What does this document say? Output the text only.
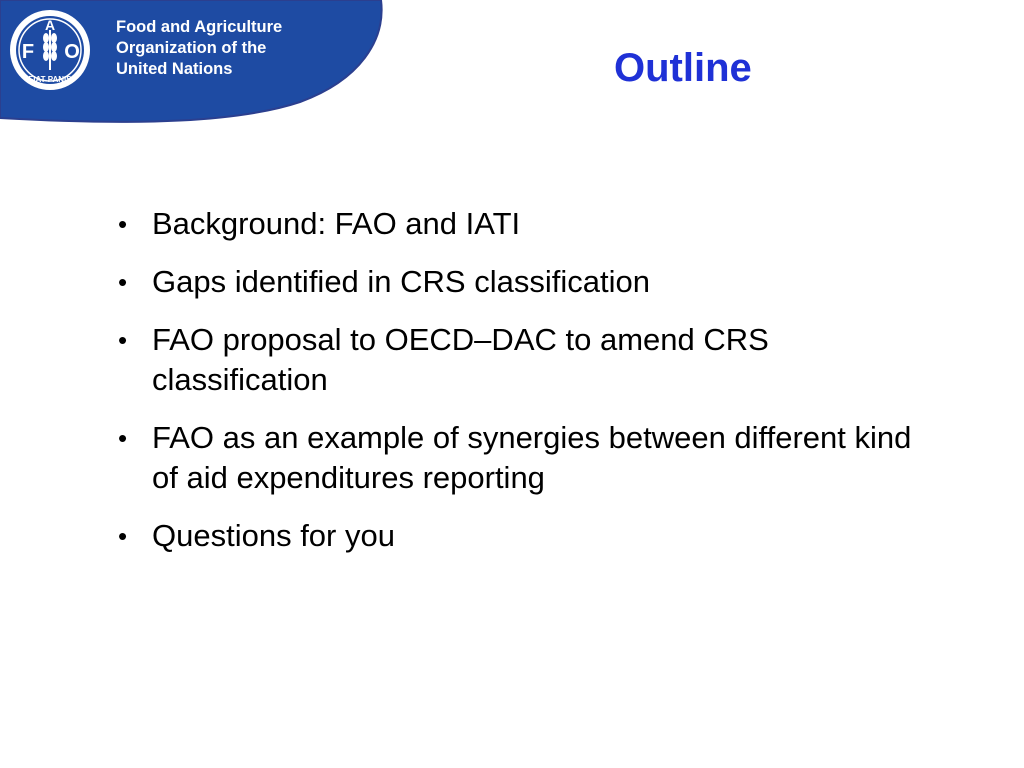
F
A
O
FIAT PANIS
Food and Agriculture
Organization of the
United Nations	Outline
• Background: FAO and IATI
• Gaps identified in CRS classification
• FAO proposal to OECD–DAC to amend CRS classification
• FAO as an example of synergies between different kind of aid expenditures reporting
• Questions for you
